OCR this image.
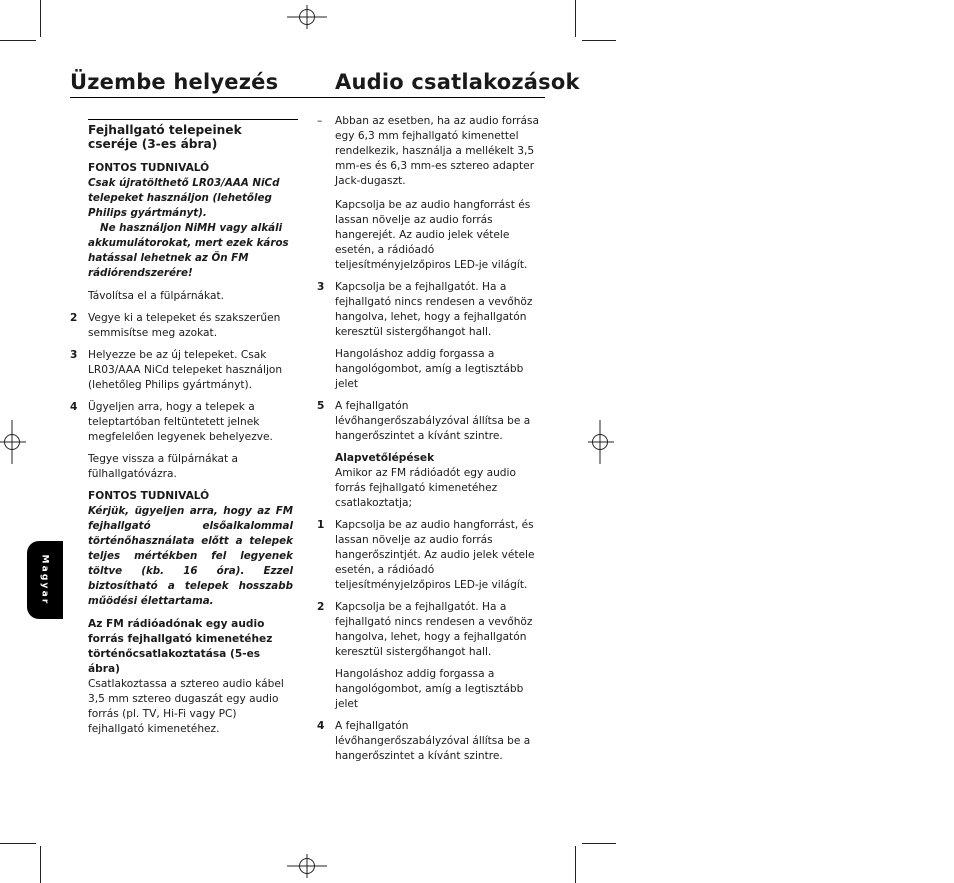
Üzembe helyezés	Audio csatlakozások
Magyar
Fejhallgató telepeinek cseréje (3-es ábra)
FONTOS TUDNIVALÓ
Csak újratölthető LR03/AAA NiCd telepeket használjon (lehetőleg Philips gyártmányt).
Ne használjon NiMH vagy alkáli akkumulátorokat, mert ezek káros hatással lehetnek az Ön FM rádiórendszerére!
Távolítsa el a fülpárnákat.
2	Vegye ki a telepeket és szakszerűen semmisítse meg azokat.
3	Helyezze be az új telepeket. Csak LR03/AAA NiCd telepeket használjon (lehetőleg Philips gyártmányt).
4	Ügyeljen arra, hogy a telepek a teleptartóban feltüntetett jelnek megfelelően legyenek behelyezve.
Tegye vissza a fülpárnákat a fülhallgatóvázra.
FONTOS TUDNIVALÓ
Kérjük, ügyeljen arra, hogy az FM fejhallgató elsőalkalommal történőhasználata előtt a telepek teljes mértékben fel legyenek töltve (kb. 16 óra). Ezzel biztosítható a telepek hosszabb műödési élettartama.
Az FM rádióadónak egy audio forrás fejhallgató kimenetéhez történőcsatlakoztatása (5-es ábra)
Csatlakoztassa a sztereo audio kábel 3,5 mm sztereo dugaszát egy audio forrás (pl. TV, Hi-Fi vagy PC) fejhallgató kimenetéhez.
–	Abban az esetben, ha az audio forrása egy 6,3 mm fejhallgató kimenettel rendelkezik, használja a mellékelt 3,5 mm-es és 6,3 mm-es sztereo adapter Jack-dugaszt.
Kapcsolja be az audio hangforrást és lassan növelje az audio forrás hangerejét. Az audio jelek vétele esetén, a rádióadó teljesítményjelzőpiros LED-je világít.
3	Kapcsolja be a fejhallgatót. Ha a fejhallgató nincs rendesen a vevőhöz hangolva, lehet, hogy a fejhallgatón keresztül sistergőhangot hall.
Hangoláshoz addig forgassa a hangológombot, amíg a legtisztább jelet
5	A fejhallgatón lévőhangerőszabályzóval állítsa be a hangerőszintet a kívánt szintre.
Alapvetőlépések
Amikor az FM rádióadót egy audio forrás fejhallgató kimenetéhez csatlakoztatja;
1	Kapcsolja be az audio hangforrást, és lassan növelje az audio forrás hangerőszintjét. Az audio jelek vétele esetén, a rádióadó teljesítményjelzőpiros LED-je világít.
2	Kapcsolja be a fejhallgatót. Ha a fejhallgató nincs rendesen a vevőhöz hangolva, lehet, hogy a fejhallgatón keresztül sistergőhangot hall.
Hangoláshoz addig forgassa a hangológombot, amíg a legtisztább jelet
4	A fejhallgatón lévőhangerőszabályzóval állítsa be a hangerőszintet a kívánt szintre.
